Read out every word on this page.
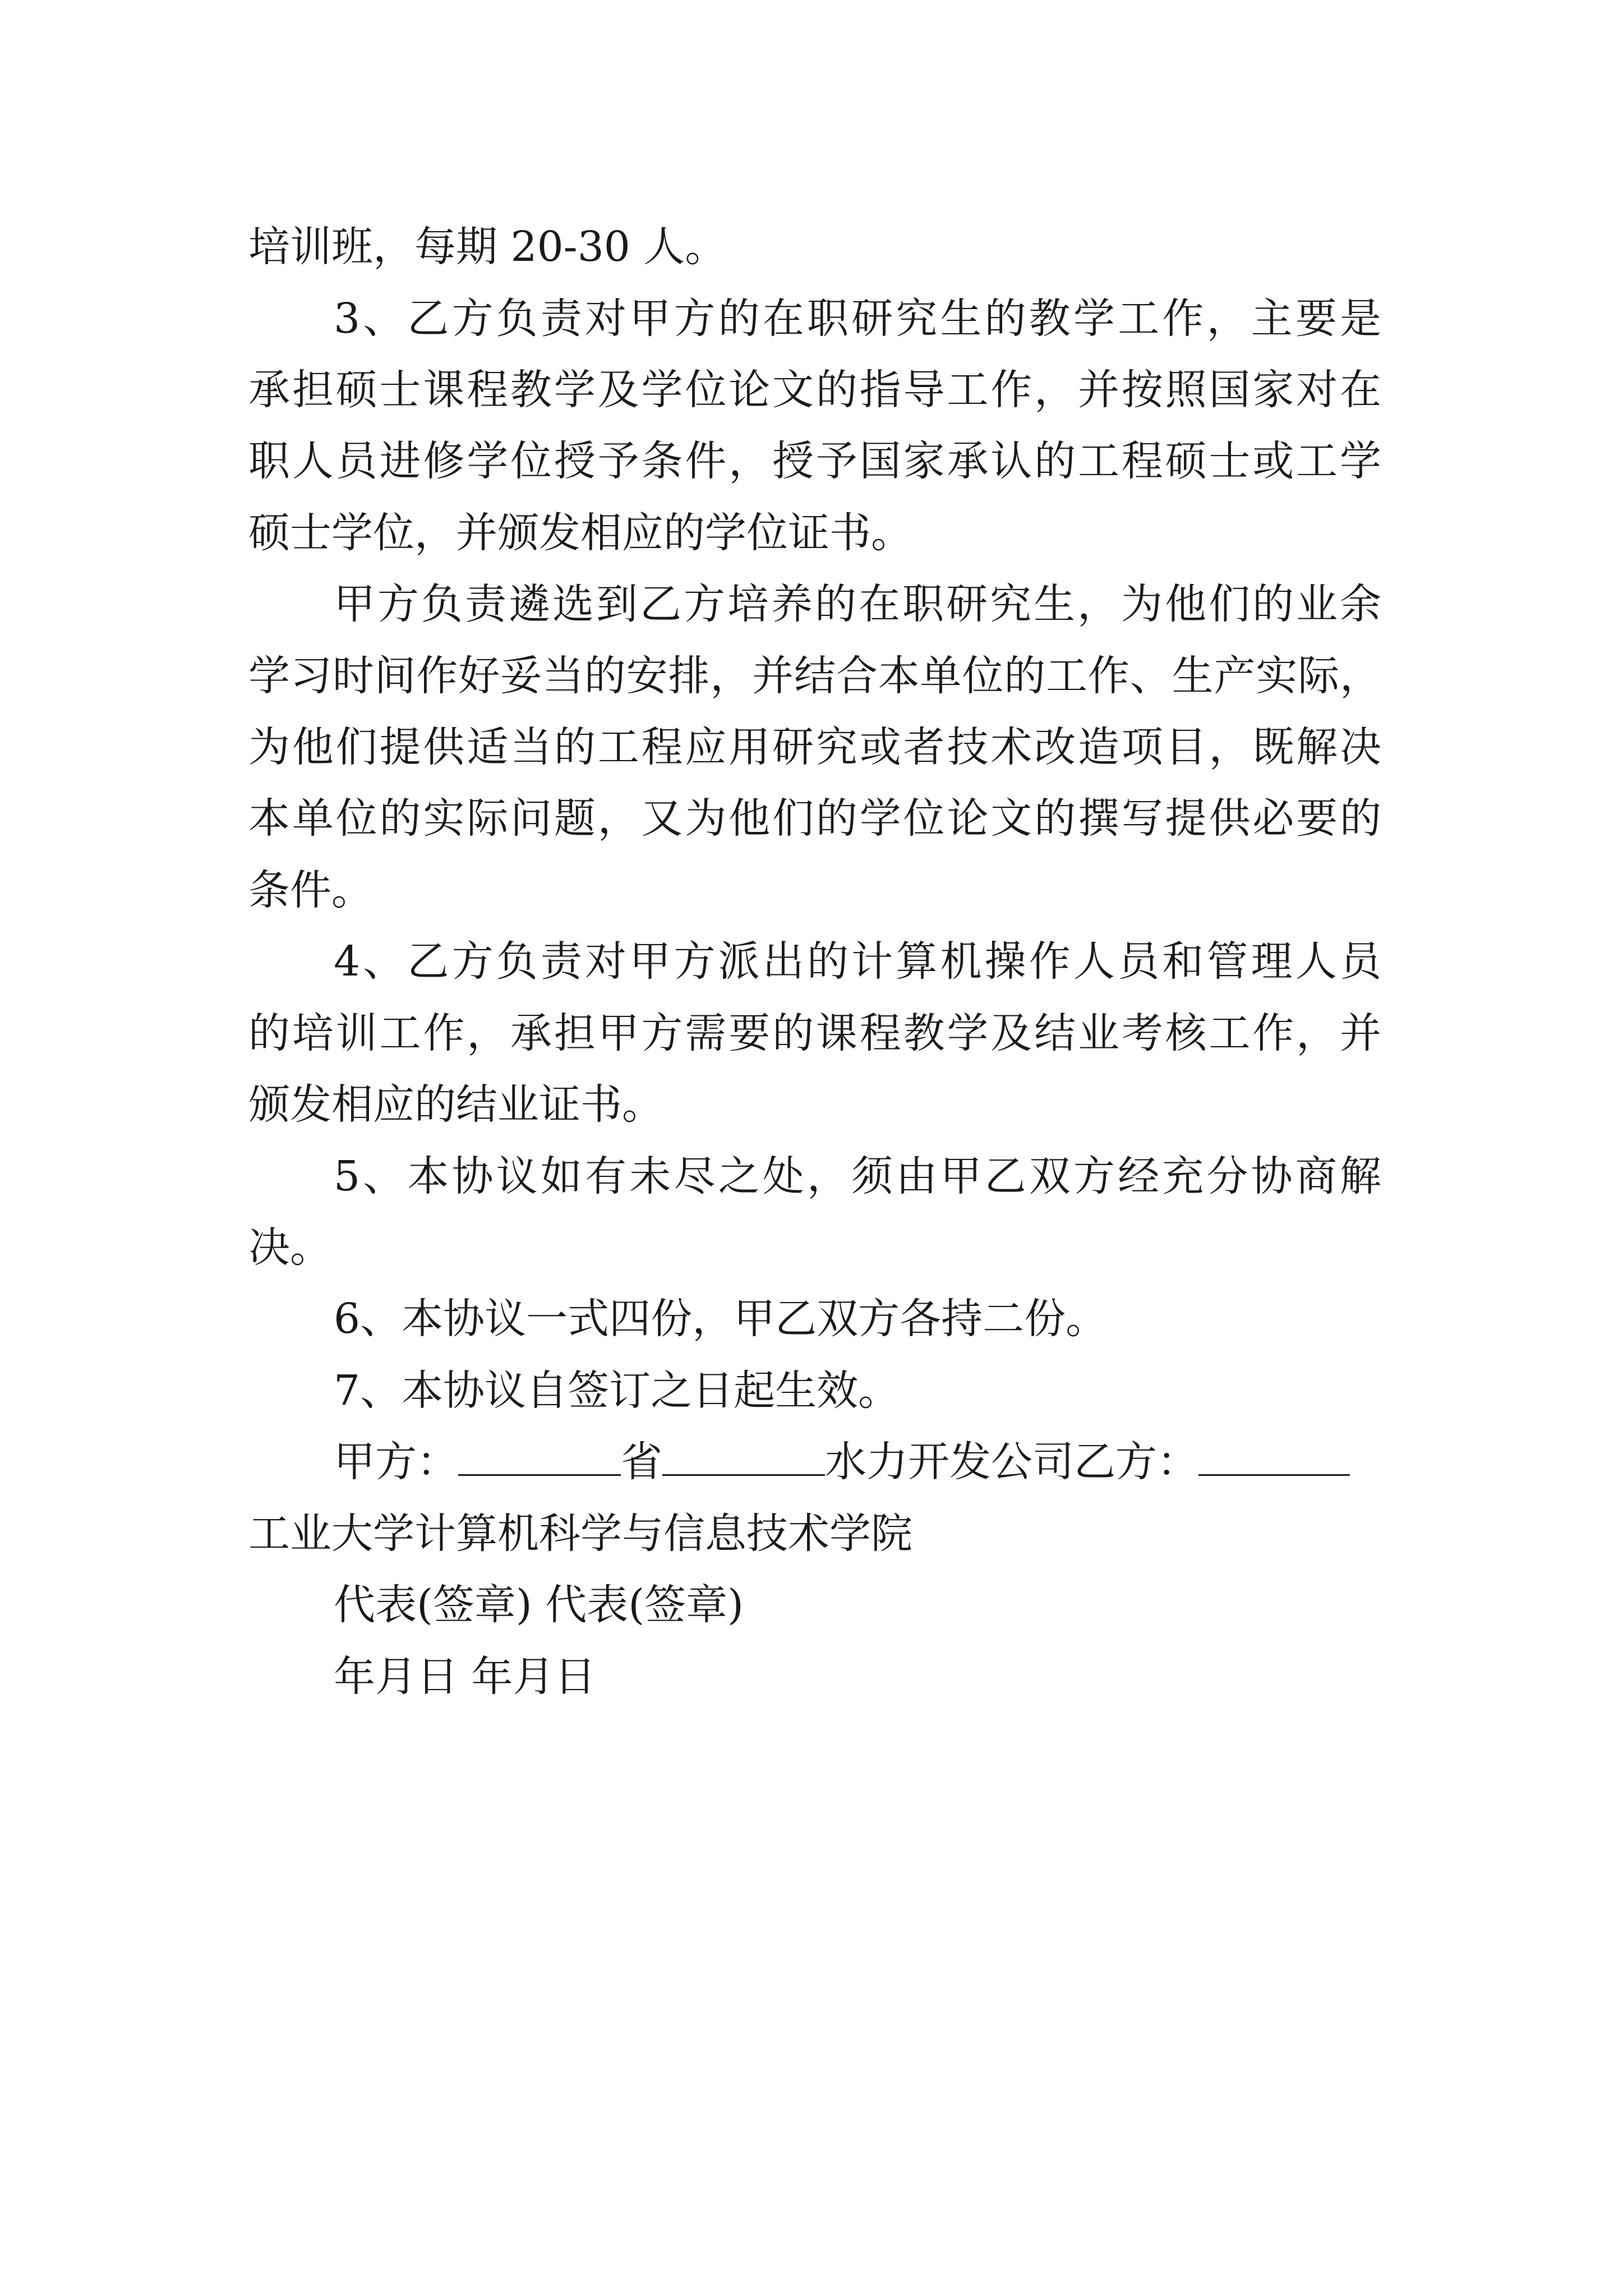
培训班，每期 20-30 人。
3、乙方负责对甲方的在职研究生的教学工作，主要是
承担硕士课程教学及学位论文的指导工作，并按照国家对在
职人员进修学位授予条件，授予国家承认的工程硕士或工学
硕士学位，并颁发相应的学位证书。
甲方负责遴选到乙方培养的在职研究生，为他们的业余
学习时间作好妥当的安排，并结合本单位的工作、生产实际，
为他们提供适当的工程应用研究或者技术改造项目，既解决
本单位的实际问题，又为他们的学位论文的撰写提供必要的
条件。
4、乙方负责对甲方派出的计算机操作人员和管理人员
的培训工作，承担甲方需要的课程教学及结业考核工作，并
颁发相应的结业证书。
5、本协议如有未尽之处，须由甲乙双方经充分协商解
决。
6、本协议一式四份，甲乙双方各持二份。
7、本协议自签订之日起生效。
甲方：	省	水力开发公司乙方：
工业大学计算机科学与信息技术学院
代表(签章) 代表(签章)
年月日 年月日
